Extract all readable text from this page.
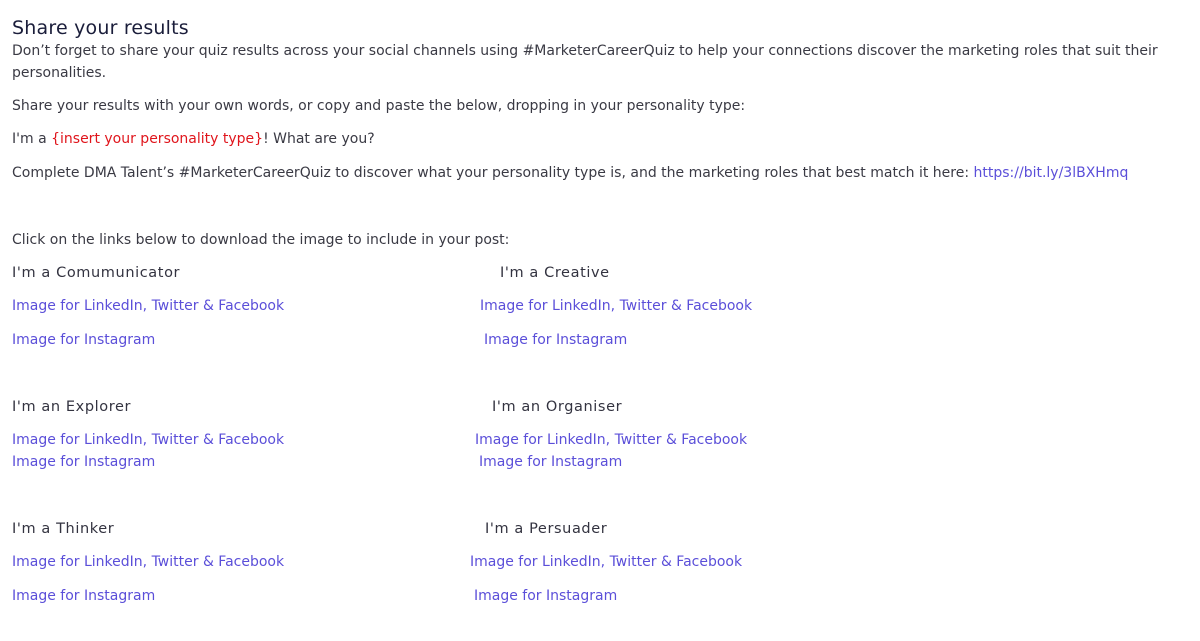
Share your results

Don’t forget to share your quiz results across your social channels using #MarketerCareerQuiz to help your connections discover the marketing roles that suit their personalities.

Share your results with your own words, or copy and paste the below, dropping in your personality type:
I'm a {insert your personality type}! What are you?
Complete DMA Talent’s #MarketerCareerQuiz to discover what your personality type is, and the marketing roles that best match it here: https://bit.ly/3lBXHmq
Click on the links below to download the image to include in your post:
I'm a Comumunicator
Image for LinkedIn, Twitter & Facebook
Image for Instagram
I'm a Creative
Image for LinkedIn, Twitter & Facebook
Image for Instagram
I'm an Explorer
Image for LinkedIn, Twitter & Facebook
Image for Instagram
I'm an Organiser
Image for LinkedIn, Twitter & Facebook
Image for Instagram
I'm a Thinker
Image for LinkedIn, Twitter & Facebook
Image for Instagram
I'm a Persuader
Image for LinkedIn, Twitter & Facebook
Image for Instagram
